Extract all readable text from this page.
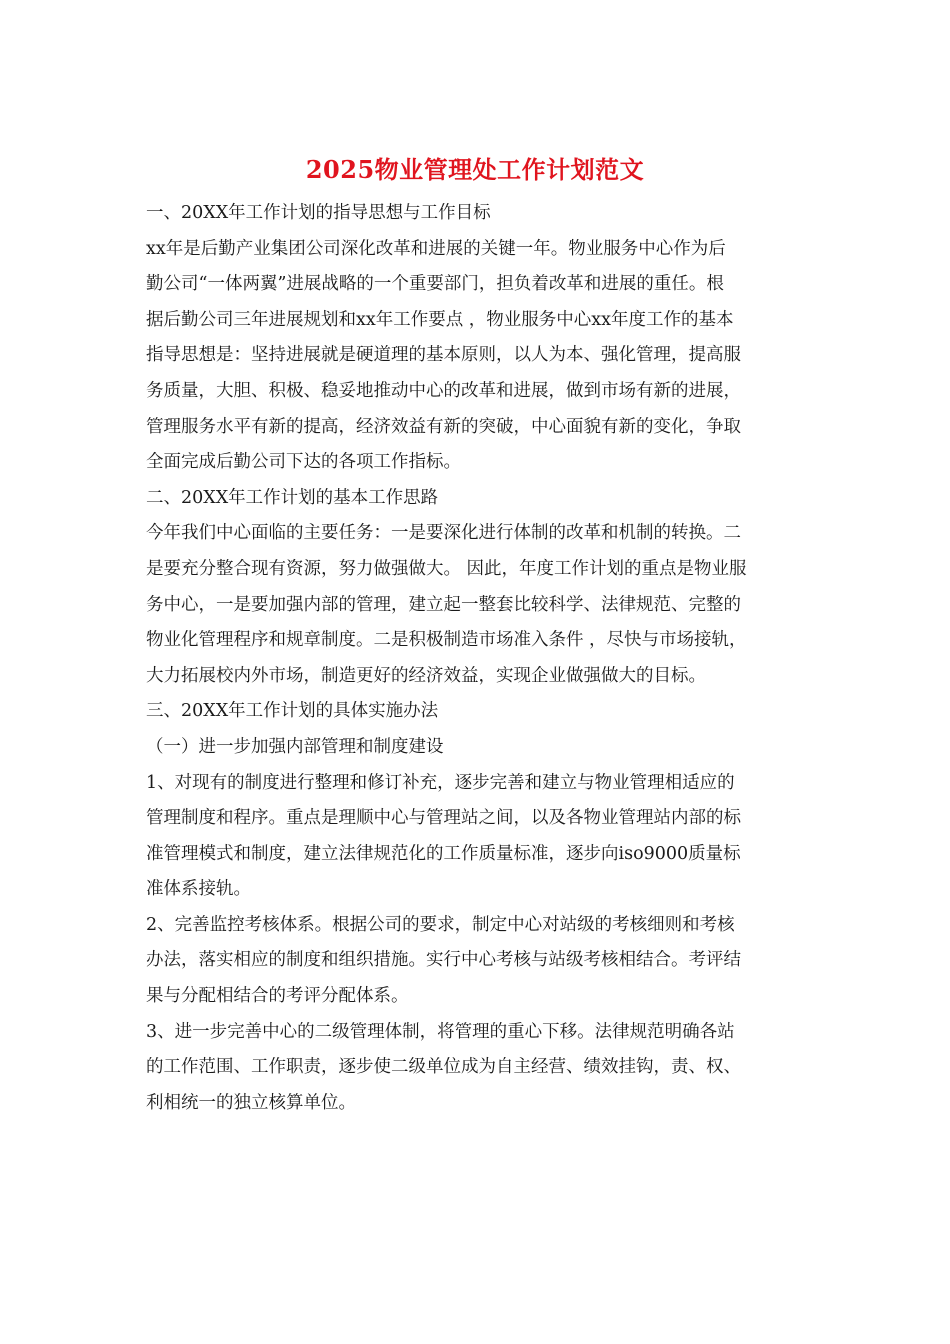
2025物业管理处工作计划范文
一、20XX年工作计划的指导思想与工作目标
xx年是后勤产业集团公司深化改革和进展的关键一年。物业服务中心作为后
勤公司“一体两翼”进展战略的一个重要部门，担负着改革和进展的重任。根
据后勤公司三年进展规划和xx年工作要点 ，物业服务中心xx年度工作的基本
指导思想是：坚持进展就是硬道理的基本原则，以人为本、强化管理，提高服
务质量，大胆、积极、稳妥地推动中心的改革和进展，做到市场有新的进展，
管理服务水平有新的提高，经济效益有新的突破，中心面貌有新的变化，争取
全面完成后勤公司下达的各项工作指标。
二、20XX年工作计划的基本工作思路
今年我们中心面临的主要任务：一是要深化进行体制的改革和机制的转换。二
是要充分整合现有资源，努力做强做大。 因此，年度工作计划的重点是物业服
务中心，一是要加强内部的管理，建立起一整套比较科学、法律规范、完整的
物业化管理程序和规章制度。二是积极制造市场准入条件 ，尽快与市场接轨，
大力拓展校内外市场，制造更好的经济效益，实现企业做强做大的目标。
三、20XX年工作计划的具体实施办法
（一）进一步加强内部管理和制度建设
1、对现有的制度进行整理和修订补充，逐步完善和建立与物业管理相适应的
管理制度和程序。重点是理顺中心与管理站之间，以及各物业管理站内部的标
准管理模式和制度，建立法律规范化的工作质量标准，逐步向iso9000质量标
准体系接轨。
2、完善监控考核体系。根据公司的要求，制定中心对站级的考核细则和考核
办法，落实相应的制度和组织措施。实行中心考核与站级考核相结合。考评结
果与分配相结合的考评分配体系。
3、进一步完善中心的二级管理体制，将管理的重心下移。法律规范明确各站
的工作范围、工作职责，逐步使二级单位成为自主经营、绩效挂钩，责、权、
利相统一的独立核算单位。
